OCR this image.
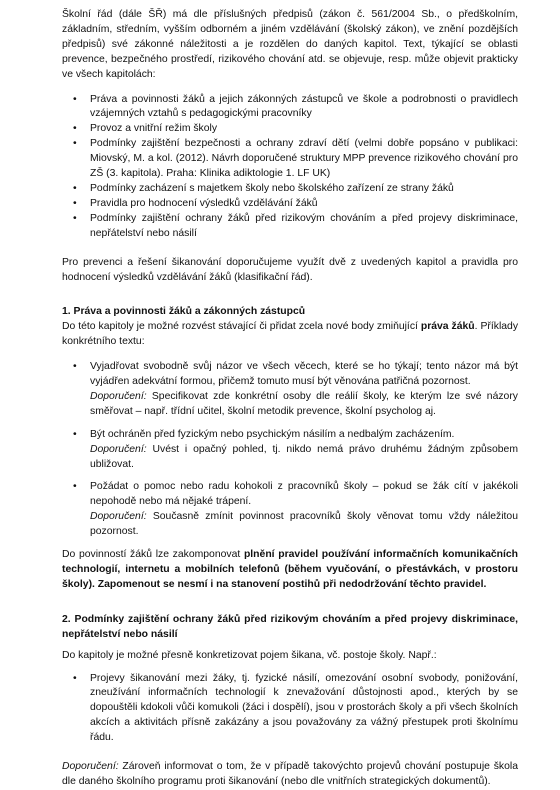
Školní řád (dále ŠŘ) má dle příslušných předpisů (zákon č. 561/2004 Sb., o předškolním, základním, středním, vyšším odborném a jiném vzdělávání (školský zákon), ve znění pozdějších předpisů) své zákonné náležitosti a je rozdělen do daných kapitol. Text, týkající se oblasti prevence, bezpečného prostředí, rizikového chování atd. se objevuje, resp. může objevit prakticky ve všech kapitolách:

• Práva a povinnosti žáků a jejich zákonných zástupců ve škole a podrobnosti o pravidlech vzájemných vztahů s pedagogickými pracovníky
• Provoz a vnitřní režim školy
• Podmínky zajištění bezpečnosti a ochrany zdraví dětí (velmi dobře popsáno v publikaci: Miovský, M. a kol. (2012). Návrh doporučené struktury MPP prevence rizikového chování pro ZŠ (3. kapitola). Praha: Klinika adiktologie 1. LF UK)
• Podmínky zacházení s majetkem školy nebo školského zařízení ze strany žáků
• Pravidla pro hodnocení výsledků vzdělávání žáků
• Podmínky zajištění ochrany žáků před rizikovým chováním a před projevy diskriminace, nepřátelství nebo násilí

Pro prevenci a řešení šikanování doporučujeme využít dvě z uvedených kapitol a pravidla pro hodnocení výsledků vzdělávání žáků (klasifikační řád).

1. Práva a povinnosti žáků a zákonných zástupců

Do této kapitoly je možné rozvést stávající či přidat zcela nové body zmiňující práva žáků. Příklady konkrétního textu:

• Vyjadřovat svobodně svůj názor ve všech věcech, které se ho týkají; tento názor má být vyjádřen adekvátní formou, přičemž tomuto musí být věnována patřičná pozornost.
Doporučení: Specifikovat zde konkrétní osoby dle reálií školy, ke kterým lze své názory směřovat – např. třídní učitel, školní metodik prevence, školní psycholog aj.
• Být ochráněn před fyzickým nebo psychickým násilím a nedbalým zacházením.
Doporučení: Uvést i opačný pohled, tj. nikdo nemá právo druhému žádným způsobem ubližovat.
• Požádat o pomoc nebo radu kohokoli z pracovníků školy – pokud se žák cítí v jakékoli nepohodě nebo má nějaké trápení.
Doporučení: Současně zmínit povinnost pracovníků školy věnovat tomu vždy náležitou pozornost.

Do povinností žáků lze zakomponovat plnění pravidel používání informačních komunikačních technologií, internetu a mobilních telefonů (během vyučování, o přestávkách, v prostoru školy). Zapomenout se nesmí i na stanovení postihů při nedodržování těchto pravidel.

2. Podmínky zajištění ochrany žáků před rizikovým chováním a před projevy diskriminace, nepřátelství nebo násilí

Do kapitoly je možné přesně konkretizovat pojem šikana, vč. postoje školy. Např.:

• Projevy šikanování mezi žáky, tj. fyzické násilí, omezování osobní svobody, ponižování, zneužívání informačních technologií k znevažování důstojnosti apod., kterých by se dopouštěli kdokoli vůči komukoli (žáci i dospělí), jsou v prostorách školy a při všech školních akcích a aktivitách přísně zakázány a jsou považovány za vážný přestupek proti školnímu řádu.

Doporučení: Zároveň informovat o tom, že v případě takovýchto projevů chování postupuje škola dle daného školního programu proti šikanování (nebo dle vnitřních strategických dokumentů).
